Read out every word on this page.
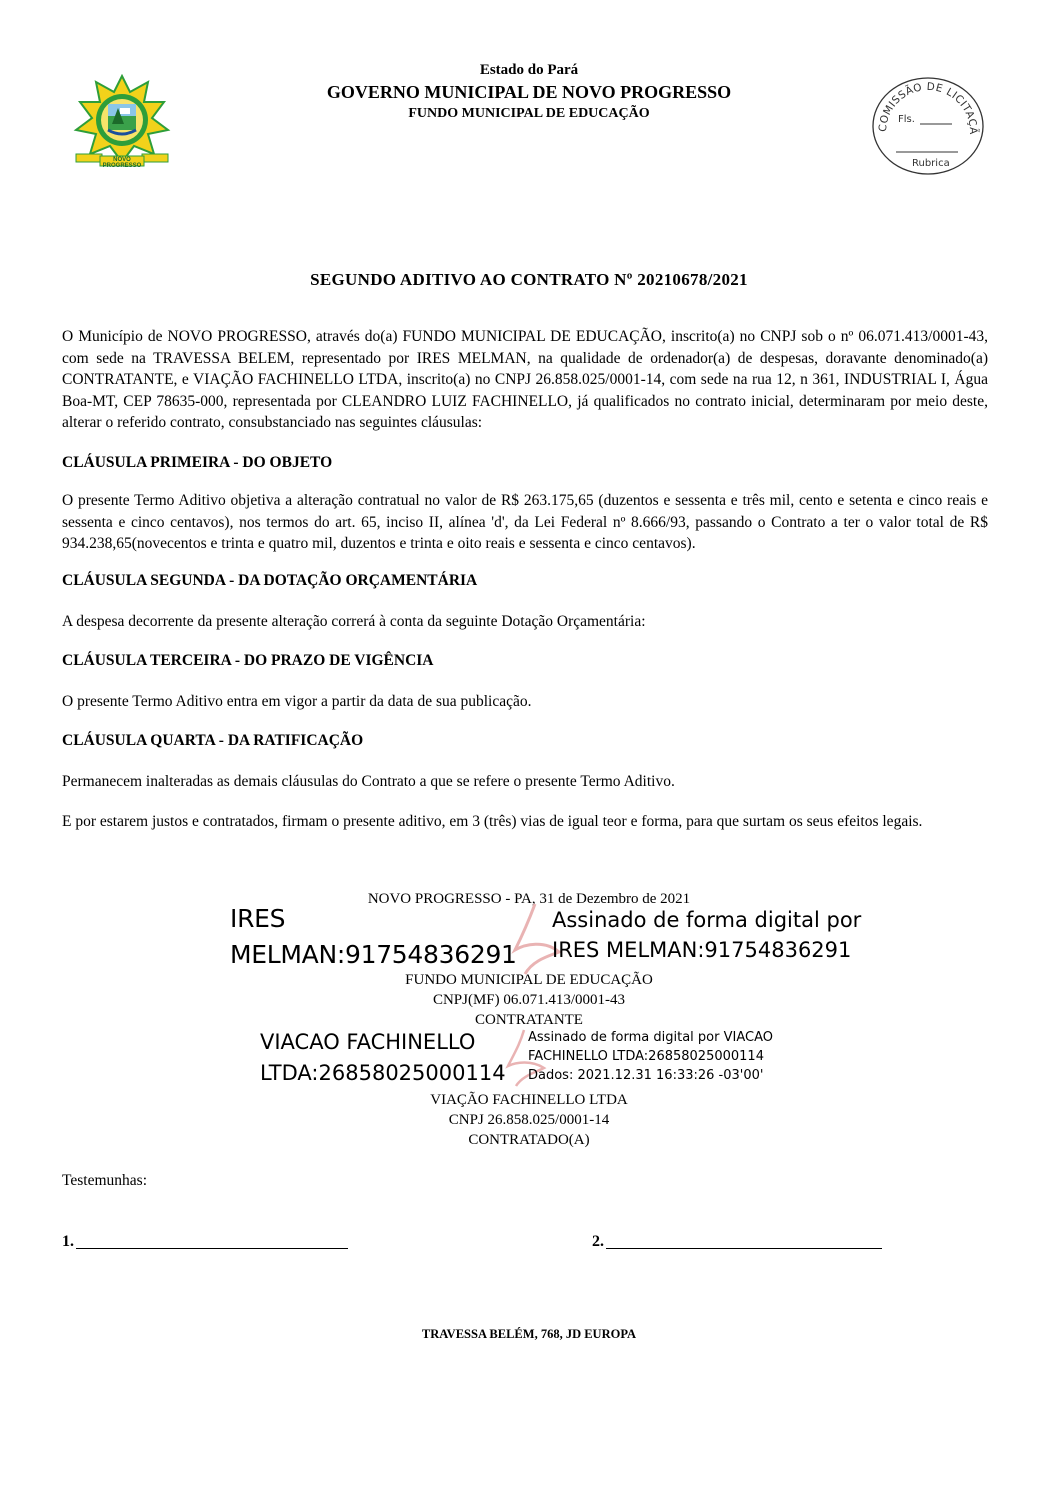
NOVO PROGRESSO
Estado do Pará
GOVERNO MUNICIPAL DE NOVO PROGRESSO
FUNDO MUNICIPAL DE EDUCAÇÃO
COMISSÃO DE LICITAÇÃ
Fls.
Rubrica
SEGUNDO ADITIVO AO CONTRATO Nº 20210678/2021
O Município de NOVO PROGRESSO, através do(a) FUNDO MUNICIPAL DE EDUCAÇÃO, inscrito(a) no CNPJ sob o nº 06.071.413/0001-43, com sede na TRAVESSA BELEM, representado por IRES MELMAN, na qualidade de ordenador(a) de despesas, doravante denominado(a) CONTRATANTE, e VIAÇÃO FACHINELLO LTDA, inscrito(a) no CNPJ 26.858.025/0001-14, com sede na rua 12, n 361, INDUSTRIAL I, Água Boa-MT, CEP 78635-000, representada por CLEANDRO LUIZ FACHINELLO, já qualificados no contrato inicial, determinaram por meio deste, alterar o referido contrato, consubstanciado nas seguintes cláusulas:
CLÁUSULA PRIMEIRA - DO OBJETO
O presente Termo Aditivo objetiva a alteração contratual no valor de R$ 263.175,65 (duzentos e sessenta e três mil, cento e setenta e cinco reais e sessenta e cinco centavos), nos termos do art. 65, inciso II, alínea 'd', da Lei Federal nº 8.666/93, passando o Contrato a ter o valor total de R$ 934.238,65(novecentos e trinta e quatro mil, duzentos e trinta e oito reais e sessenta e cinco centavos).
CLÁUSULA SEGUNDA - DA DOTAÇÃO ORÇAMENTÁRIA
A despesa decorrente da presente alteração correrá à conta da seguinte Dotação Orçamentária:
CLÁUSULA TERCEIRA - DO PRAZO DE VIGÊNCIA
O presente Termo Aditivo entra em vigor a partir da data de sua publicação.
CLÁUSULA QUARTA - DA RATIFICAÇÃO
Permanecem inalteradas as demais cláusulas do Contrato a que se refere o presente Termo Aditivo.
E por estarem justos e contratados, firmam o presente aditivo, em 3 (três) vias de igual teor e forma, para que surtam os seus efeitos legais.
NOVO PROGRESSO - PA, 31 de Dezembro de 2021
IRES
MELMAN:91754836291
Assinado de forma digital por
IRES MELMAN:91754836291
FUNDO MUNICIPAL DE EDUCAÇÃO
CNPJ(MF) 06.071.413/0001-43
CONTRATANTE
VIACAO FACHINELLO
LTDA:26858025000114
Assinado de forma digital por VIACAO
FACHINELLO LTDA:26858025000114
Dados: 2021.12.31 16:33:26 -03'00'
VIAÇÃO FACHINELLO LTDA
CNPJ 26.858.025/0001-14
CONTRATADO(A)
Testemunhas:
1.	2.
TRAVESSA BELÉM, 768, JD EUROPA
